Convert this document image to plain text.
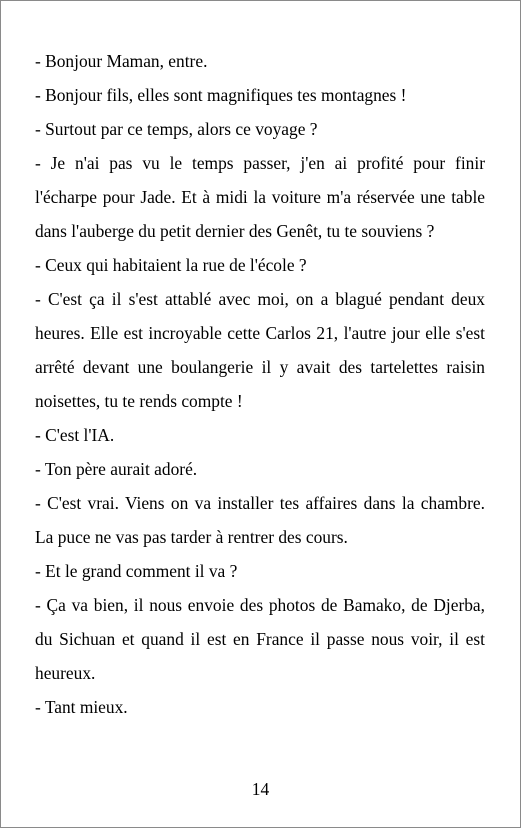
- Bonjour Maman, entre.

- Bonjour fils, elles sont magnifiques tes montagnes !

- Surtout par ce temps, alors ce voyage ?

- Je n'ai pas vu le temps passer, j'en ai profité pour finir l'écharpe pour Jade. Et à midi la voiture m'a réservée une table dans l'auberge du petit dernier des Genêt, tu te souviens ?

- Ceux qui habitaient la rue de l'école ?

- C'est ça il s'est attablé avec moi, on a blagué pendant deux heures. Elle est incroyable cette Carlos 21, l'autre jour elle s'est arrêté devant une boulangerie il y avait des tartelettes raisin noisettes, tu te rends compte !

- C'est l'IA.

- Ton père aurait adoré.

- C'est vrai. Viens on va installer tes affaires dans la chambre. La puce ne vas pas tarder à rentrer des cours.

- Et le grand comment il va ?

- Ça va bien, il nous envoie des photos de Bamako, de Djerba, du Sichuan et quand il est en France il passe nous voir, il est heureux.

- Tant mieux.

14
